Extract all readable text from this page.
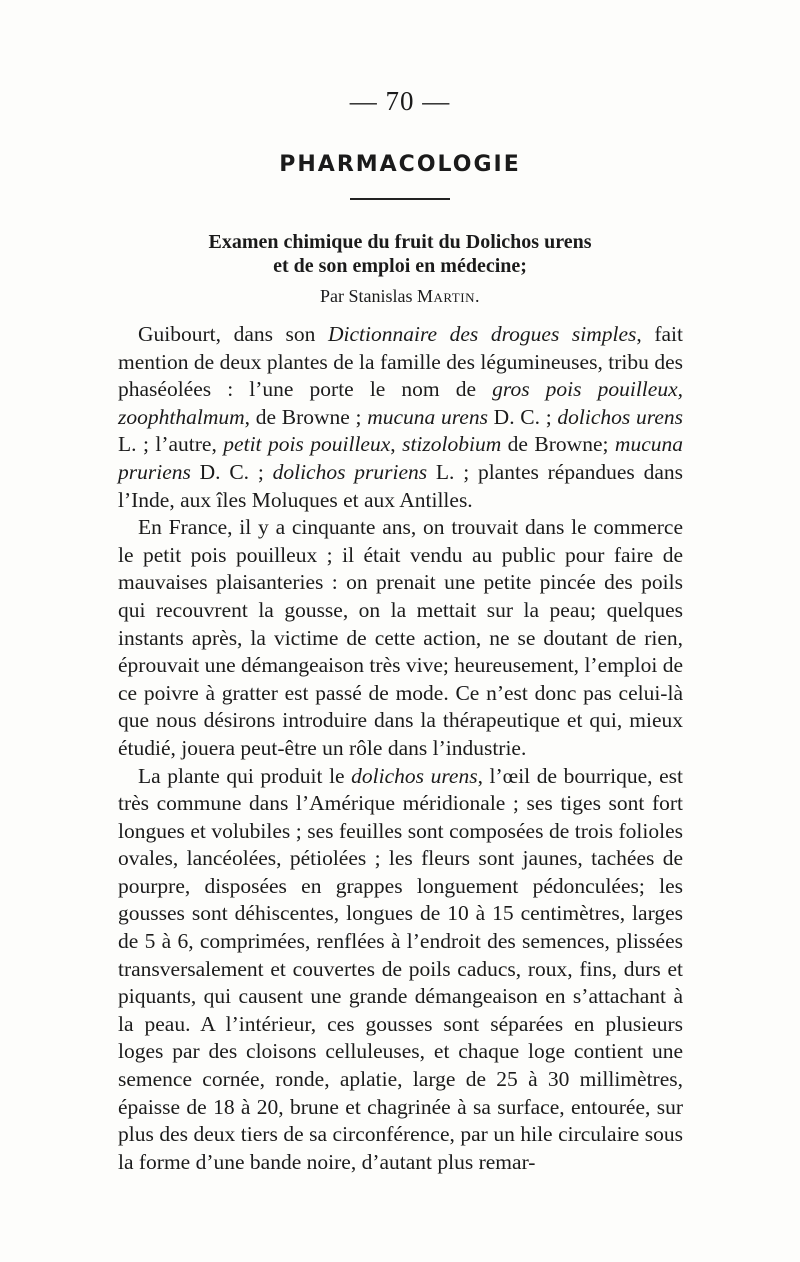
— 70 —
PHARMACOLOGIE
Examen chimique du fruit du Dolichos urens
et de son emploi en médecine;
Par Stanislas Martin.

Guibourt, dans son Dictionnaire des drogues simples, fait mention de deux plantes de la famille des légumineuses, tribu des phaséolées : l’une porte le nom de gros pois pouilleux, zoophthalmum, de Browne ; mucuna urens D. C. ; dolichos urens L. ; l’autre, petit pois pouilleux, stizolobium de Browne; mucuna pruriens D. C. ; dolichos pruriens L. ; plantes répandues dans l’Inde, aux îles Moluques et aux Antilles.

En France, il y a cinquante ans, on trouvait dans le commerce le petit pois pouilleux ; il était vendu au public pour faire de mauvaises plaisanteries : on prenait une petite pincée des poils qui recouvrent la gousse, on la mettait sur la peau; quelques instants après, la victime de cette action, ne se doutant de rien, éprouvait une démangeaison très vive; heureusement, l’emploi de ce poivre à gratter est passé de mode. Ce n’est donc pas celui-là que nous désirons introduire dans la thérapeutique et qui, mieux étudié, jouera peut-être un rôle dans l’industrie.

La plante qui produit le dolichos urens, l’œil de bourrique, est très commune dans l’Amérique méridionale ; ses tiges sont fort longues et volubiles ; ses feuilles sont composées de trois folioles ovales, lancéolées, pétiolées ; les fleurs sont jaunes, tachées de pourpre, disposées en grappes longuement pédonculées; les gousses sont déhiscentes, longues de 10 à 15 centimètres, larges de 5 à 6, comprimées, renflées à l’endroit des semences, plissées transversalement et couvertes de poils caducs, roux, fins, durs et piquants, qui causent une grande démangeaison en s’attachant à la peau. A l’intérieur, ces gousses sont séparées en plusieurs loges par des cloisons celluleuses, et chaque loge contient une semence cornée, ronde, aplatie, large de 25 à 30 millimètres, épaisse de 18 à 20, brune et chagrinée à sa surface, entourée, sur plus des deux tiers de sa circonférence, par un hile circulaire sous la forme d’une bande noire, d’autant plus remar-
